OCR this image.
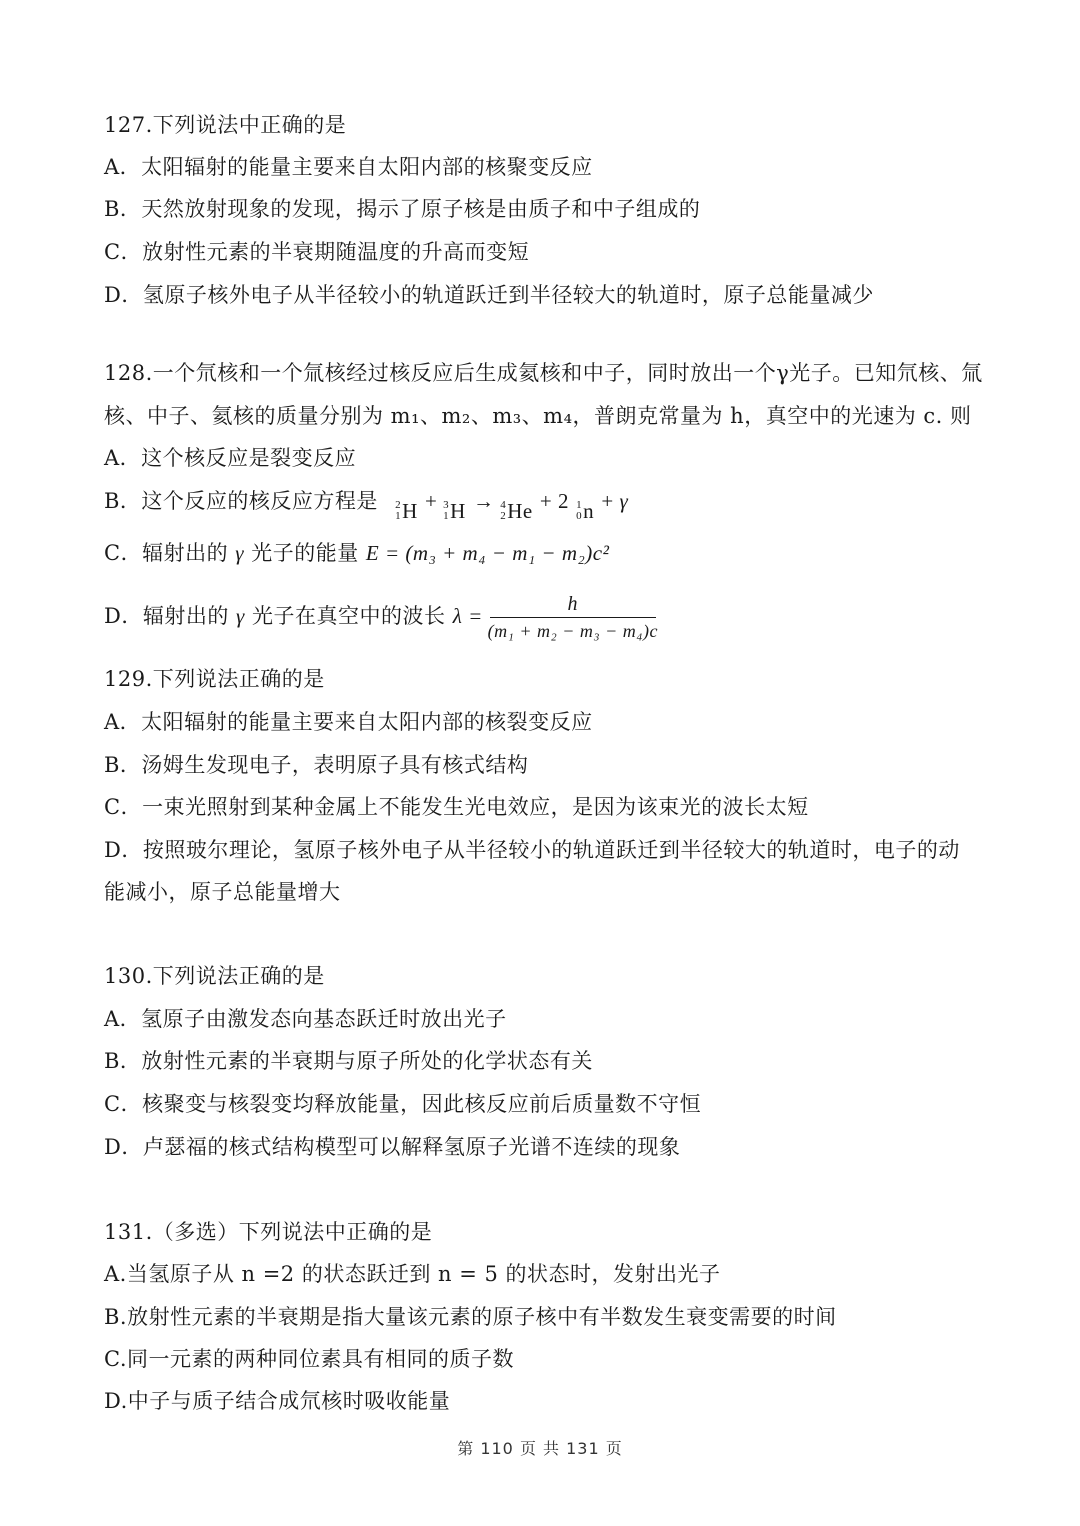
127.下列说法中正确的是
A．太阳辐射的能量主要来自太阳内部的核聚变反应
B．天然放射现象的发现，揭示了原子核是由质子和中子组成的
C．放射性元素的半衰期随温度的升高而变短
D．氢原子核外电子从半径较小的轨道跃迁到半径较大的轨道时，原子总能量减少
128.一个氘核和一个氚核经过核反应后生成氦核和中子，同时放出一个γ光子。已知氘核、氚
核、中子、氦核的质量分别为 m₁、m₂、m₃、m₄，普朗克常量为 h，真空中的光速为 c. 则
A．这个核反应是裂变反应
B．这个反应的核反应方程是 2
1 H + 3
1 H → 4
2 He + 2 1
0 n + γ
C．辐射出的 γ 光子的能量 E = (m₃ + m₄ − m₁ − m₂)c²
D．辐射出的 γ 光子在真空中的波长 $\lambda = \frac{h}{\text{(m₁ + m₂ − m₃ − m₄)c}}$
129.下列说法正确的是
A．太阳辐射的能量主要来自太阳内部的核裂变反应
B．汤姆生发现电子，表明原子具有核式结构
C．一束光照射到某种金属上不能发生光电效应，是因为该束光的波长太短
D．按照玻尔理论，氢原子核外电子从半径较小的轨道跃迁到半径较大的轨道时，电子的动
能减小，原子总能量增大
130.下列说法正确的是
A．氢原子由激发态向基态跃迁时放出光子
B．放射性元素的半衰期与原子所处的化学状态有关
C．核聚变与核裂变均释放能量，因此核反应前后质量数不守恒
D．卢瑟福的核式结构模型可以解释氢原子光谱不连续的现象
131.（多选）下列说法中正确的是
A.当氢原子从 n =2 的状态跃迁到 n = 5 的状态时，发射出光子
B.放射性元素的半衰期是指大量该元素的原子核中有半数发生衰变需要的时间
C.同一元素的两种同位素具有相同的质子数
D.中子与质子结合成氘核时吸收能量
第 110 页 共 131 页
